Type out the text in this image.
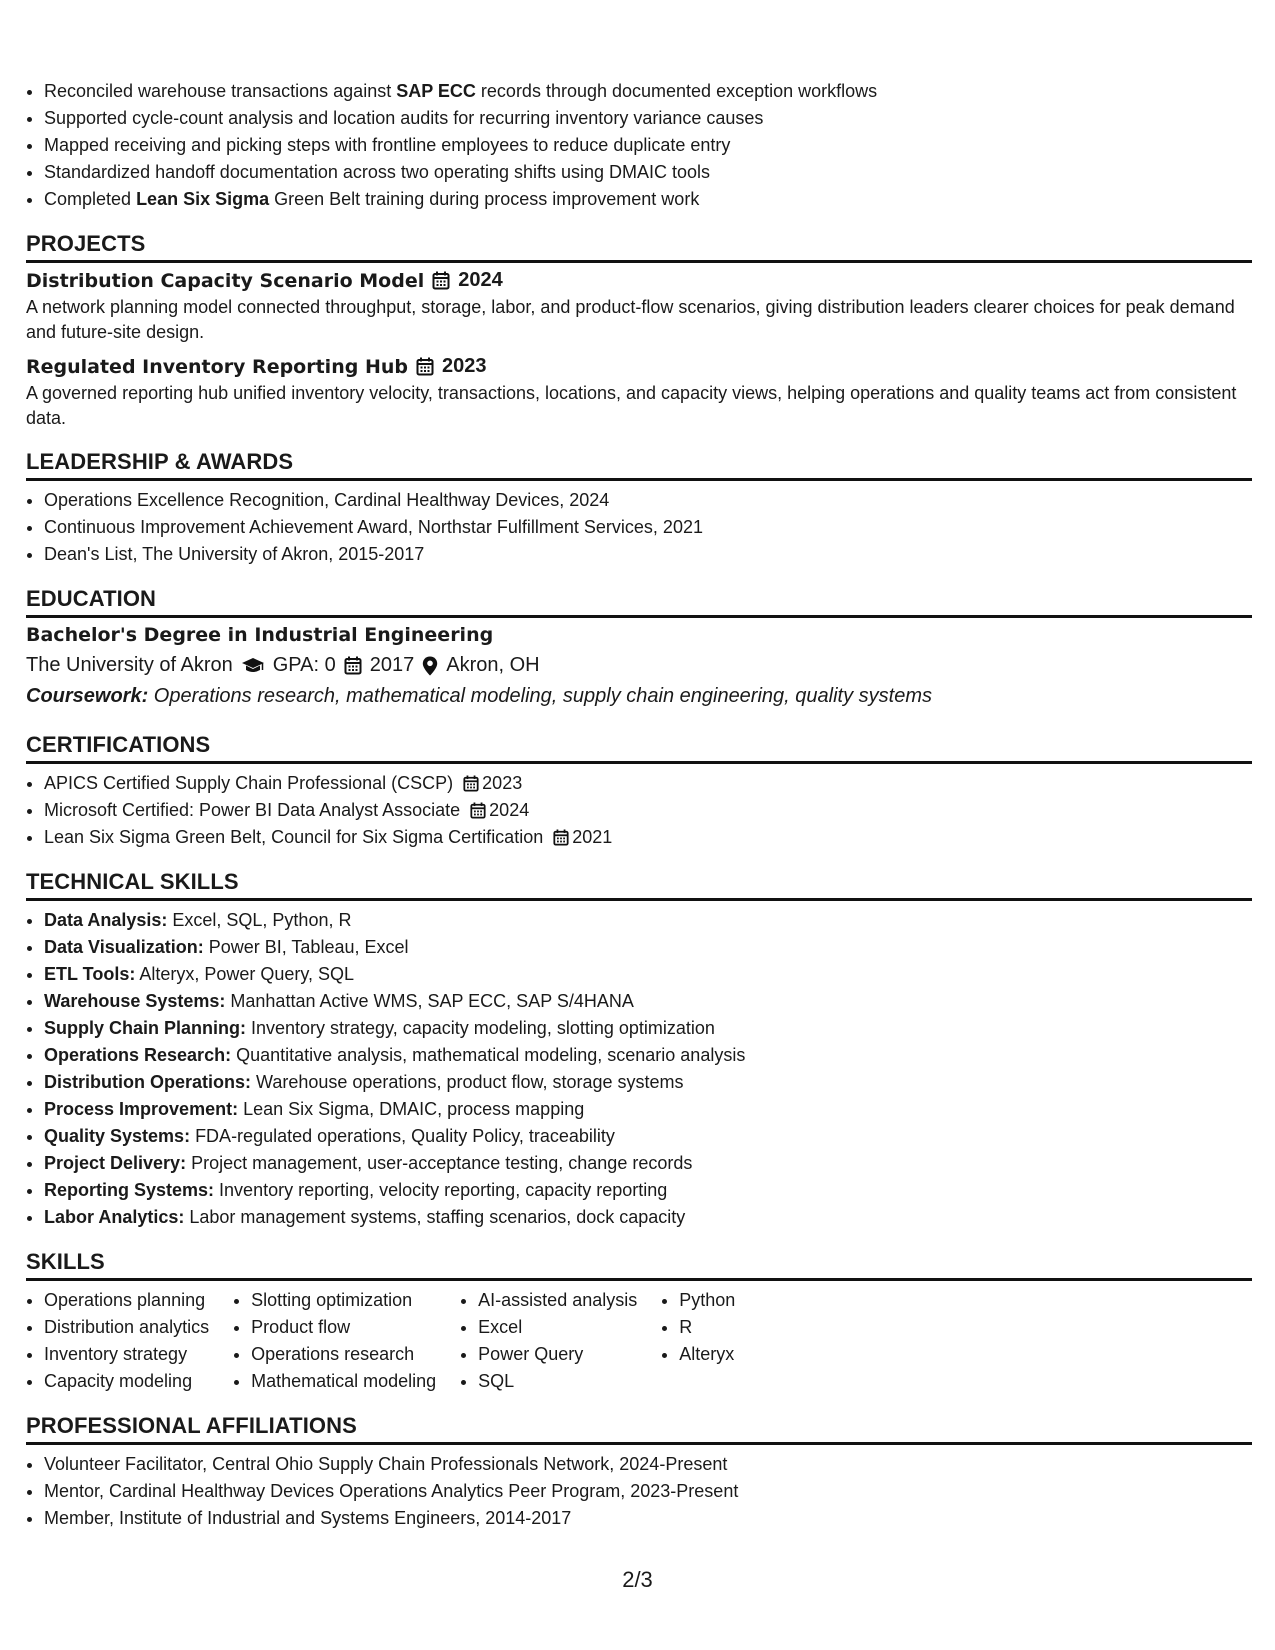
• Reconciled warehouse transactions against SAP ECC records through documented exception workflows
• Supported cycle-count analysis and location audits for recurring inventory variance causes
• Mapped receiving and picking steps with frontline employees to reduce duplicate entry
• Standardized handoff documentation across two operating shifts using DMAIC tools
• Completed Lean Six Sigma Green Belt training during process improvement work
PROJECTS
Distribution Capacity Scenario Model 2024
A network planning model connected throughput, storage, labor, and product-flow scenarios, giving distribution leaders clearer choices for peak demand and future-site design.
Regulated Inventory Reporting Hub 2023
A governed reporting hub unified inventory velocity, transactions, locations, and capacity views, helping operations and quality teams act from consistent data.
LEADERSHIP & AWARDS
• Operations Excellence Recognition, Cardinal Healthway Devices, 2024
• Continuous Improvement Achievement Award, Northstar Fulfillment Services, 2021
• Dean's List, The University of Akron, 2015-2017
EDUCATION
Bachelor's Degree in Industrial Engineering
The University of Akron GPA: 0 2017 Akron, OH
Coursework: Operations research, mathematical modeling, supply chain engineering, quality systems
CERTIFICATIONS
• APICS Certified Supply Chain Professional (CSCP) 2023
• Microsoft Certified: Power BI Data Analyst Associate 2024
• Lean Six Sigma Green Belt, Council for Six Sigma Certification 2021
TECHNICAL SKILLS
• Data Analysis: Excel, SQL, Python, R
• Data Visualization: Power BI, Tableau, Excel
• ETL Tools: Alteryx, Power Query, SQL
• Warehouse Systems: Manhattan Active WMS, SAP ECC, SAP S/4HANA
• Supply Chain Planning: Inventory strategy, capacity modeling, slotting optimization
• Operations Research: Quantitative analysis, mathematical modeling, scenario analysis
• Distribution Operations: Warehouse operations, product flow, storage systems
• Process Improvement: Lean Six Sigma, DMAIC, process mapping
• Quality Systems: FDA-regulated operations, Quality Policy, traceability
• Project Delivery: Project management, user-acceptance testing, change records
• Reporting Systems: Inventory reporting, velocity reporting, capacity reporting
• Labor Analytics: Labor management systems, staffing scenarios, dock capacity
SKILLS
• Operations planning
• Distribution analytics
• Inventory strategy
• Capacity modeling
• Slotting optimization
• Product flow
• Operations research
• Mathematical modeling
• AI-assisted analysis
• Excel
• Power Query
• SQL
• Python
• R
• Alteryx
PROFESSIONAL AFFILIATIONS
• Volunteer Facilitator, Central Ohio Supply Chain Professionals Network, 2024-Present
• Mentor, Cardinal Healthway Devices Operations Analytics Peer Program, 2023-Present
• Member, Institute of Industrial and Systems Engineers, 2014-2017
2/3
